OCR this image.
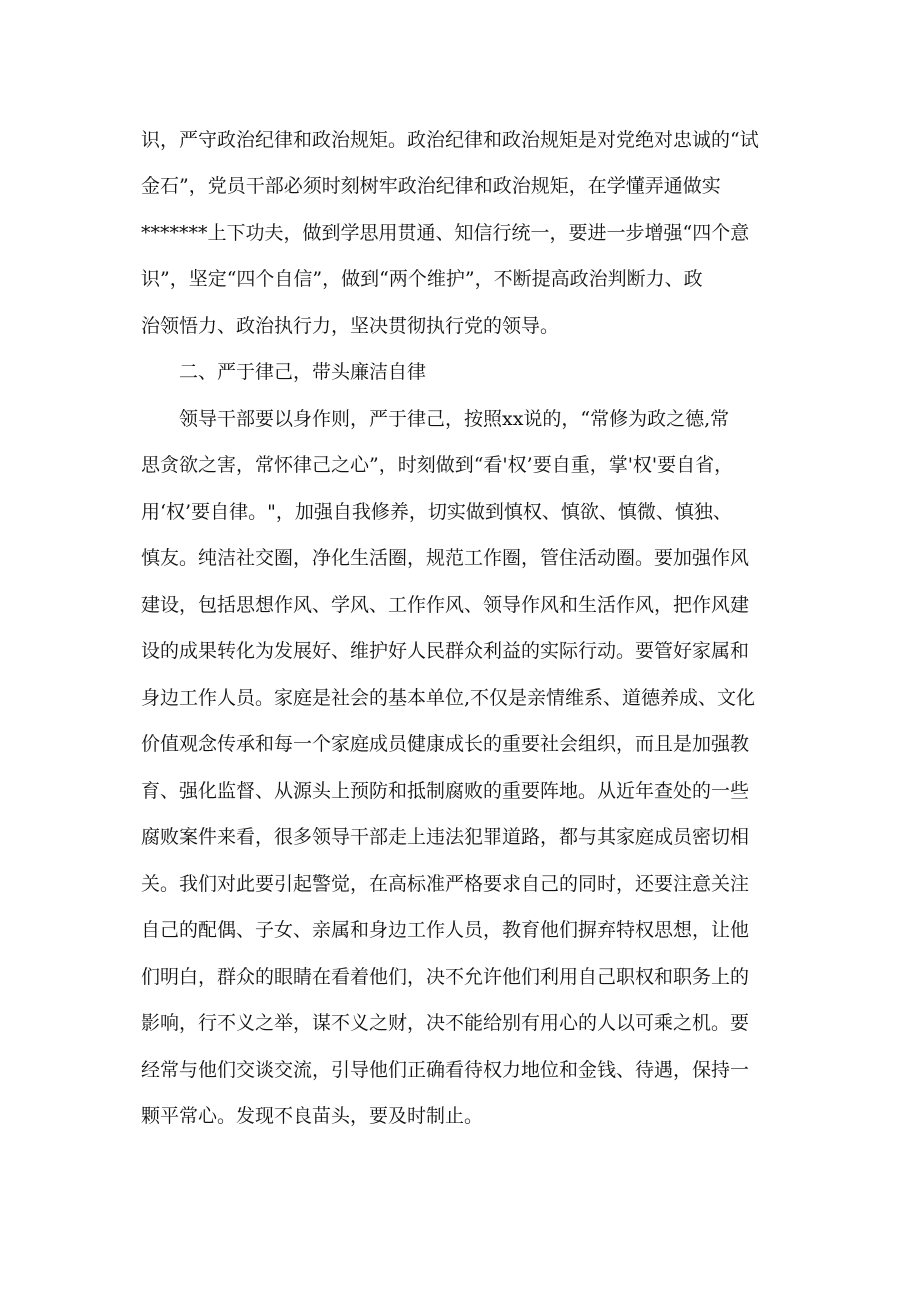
识，严守政治纪律和政治规矩。政治纪律和政治规矩是对党绝对忠诚的“试
金石”，党员干部必须时刻树牢政治纪律和政治规矩，在学懂弄通做实
*******上下功夫，做到学思用贯通、知信行统一，要进一步增强“四个意
识”，坚定“四个自信”，做到“两个维护”，不断提高政治判断力、政
治领悟力、政治执行力，坚决贯彻执行党的领导。
二、严于律己，带头廉洁自律
领导干部要以身作则，严于律己，按照xx说的，“常修为政之德,常
思贪欲之害，常怀律己之心”，时刻做到“看'权’要自重，掌'权'要自省，
用‘权’要自律。"，加强自我修养，切实做到慎权、慎欲、慎微、慎独、
慎友。纯洁社交圈，净化生活圈，规范工作圈，管住活动圈。要加强作风
建设，包括思想作风、学风、工作作风、领导作风和生活作风，把作风建
设的成果转化为发展好、维护好人民群众利益的实际行动。要管好家属和
身边工作人员。家庭是社会的基本单位,不仅是亲情维系、道德养成、文化
价值观念传承和每一个家庭成员健康成长的重要社会组织，而且是加强教
育、强化监督、从源头上预防和抵制腐败的重要阵地。从近年查处的一些
腐败案件来看，很多领导干部走上违法犯罪道路，都与其家庭成员密切相
关。我们对此要引起警觉，在高标准严格要求自己的同时，还要注意关注
自己的配偶、子女、亲属和身边工作人员，教育他们摒弃特权思想，让他
们明白，群众的眼睛在看着他们，决不允许他们利用自己职权和职务上的
影响，行不义之举，谋不义之财，决不能给别有用心的人以可乘之机。要
经常与他们交谈交流，引导他们正确看待权力地位和金钱、待遇，保持一
颗平常心。发现不良苗头，要及时制止。
